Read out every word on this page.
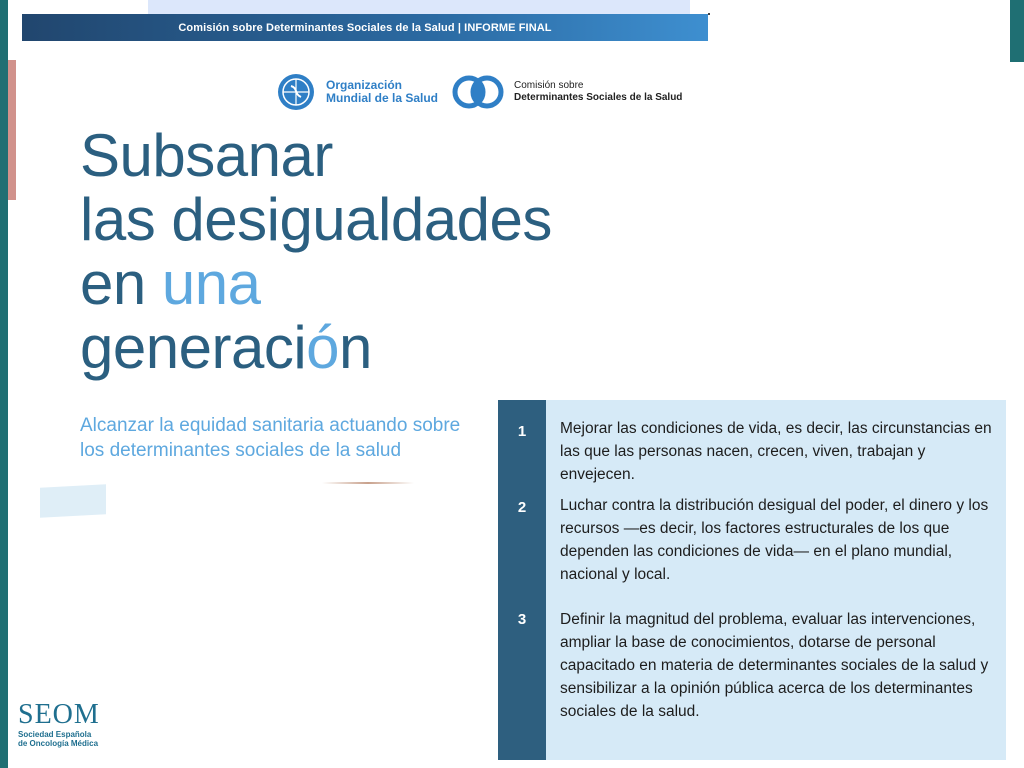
Comisión sobre Determinantes Sociales de la Salud | INFORME FINAL
Organización
Mundial de la Salud
Comisión sobre
Determinantes Sociales de la Salud
Subsanar
las desigualdades
en una
generación
Alcanzar la equidad sanitaria actuando sobre
los determinantes sociales de la salud
1	Mejorar las condiciones de vida, es decir, las circunstancias en las que las personas nacen, crecen, viven, trabajan y envejecen.
2	Luchar contra la distribución desigual del poder, el dinero y los recursos —es decir, los factores estructurales de los que dependen las condiciones de vida— en el plano mundial, nacional y local.
3	Definir la magnitud del problema, evaluar las intervenciones, ampliar la base de conocimientos, dotarse de personal capacitado en materia de determinantes sociales de la salud y sensibilizar a la opinión pública acerca de los determinantes sociales de la salud.
SEOM
Sociedad Española
de Oncología Médica
